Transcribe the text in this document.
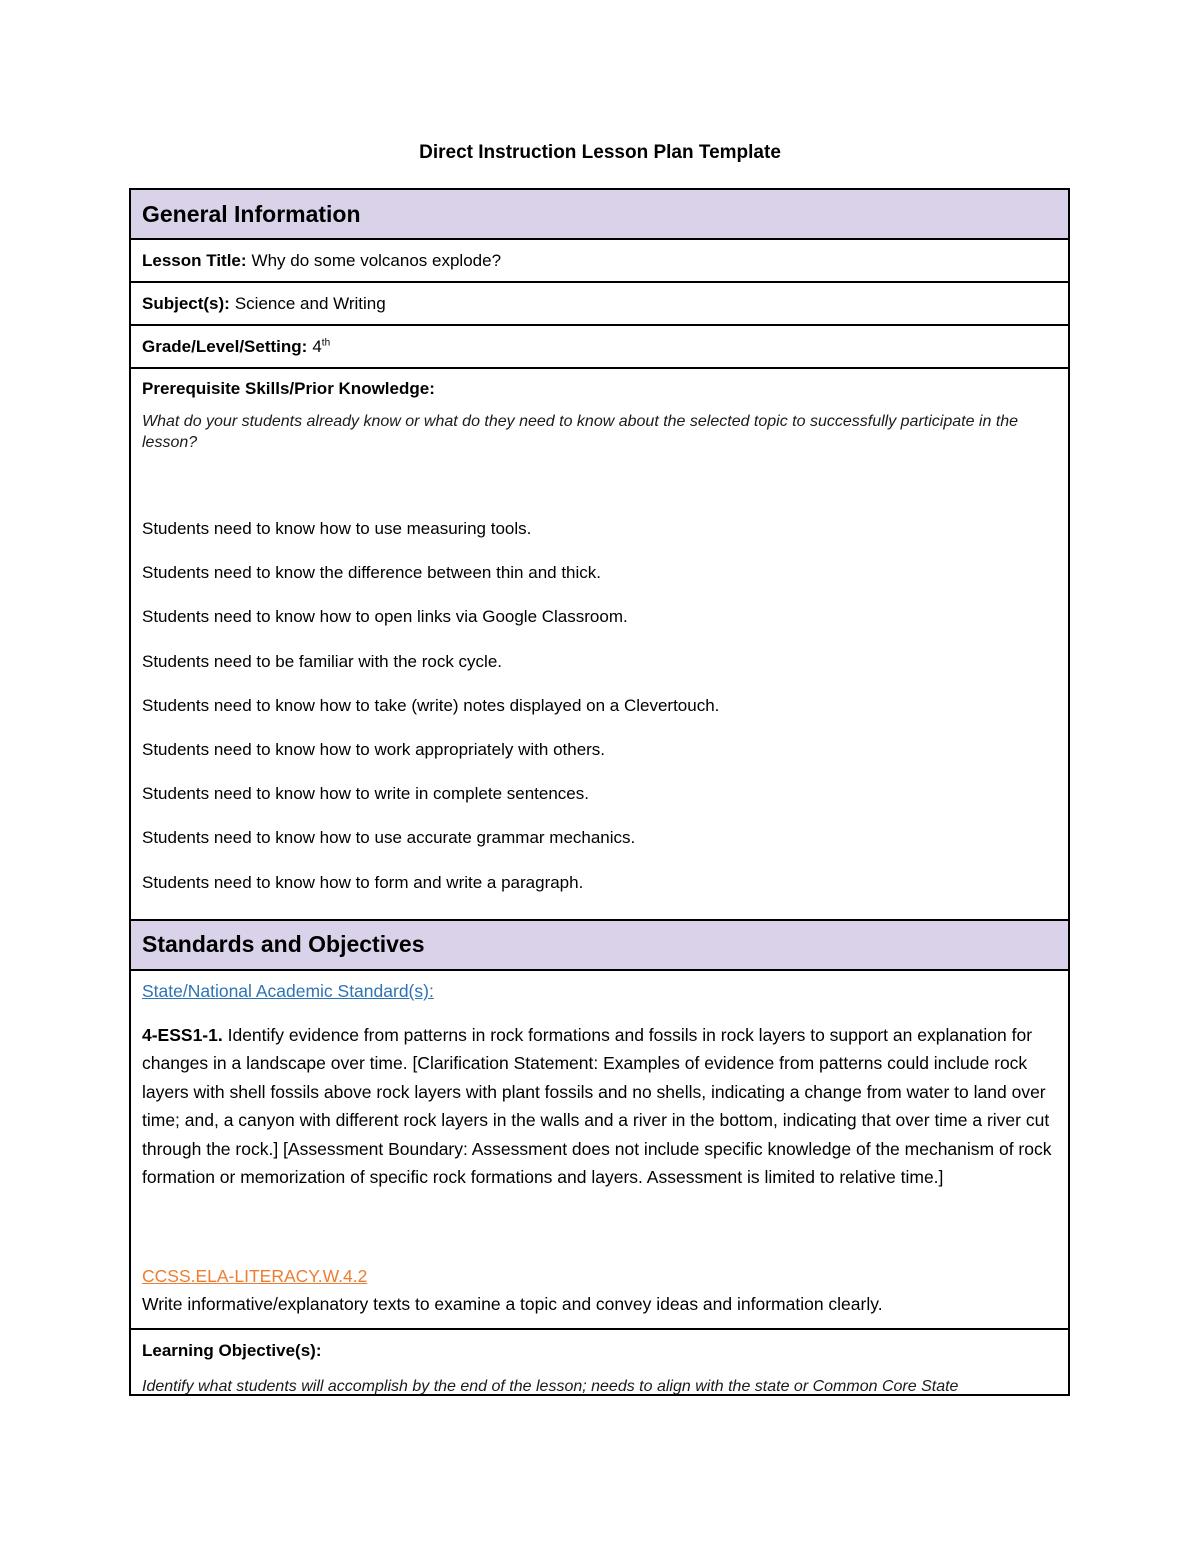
Direct Instruction Lesson Plan Template
General Information
Lesson Title: Why do some volcanos explode?
Subject(s): Science and Writing
Grade/Level/Setting: 4th
Prerequisite Skills/Prior Knowledge:
What do your students already know or what do they need to know about the selected topic to successfully participate in the lesson?
Students need to know how to use measuring tools.
Students need to know the difference between thin and thick.
Students need to know how to open links via Google Classroom.
Students need to be familiar with the rock cycle.
Students need to know how to take (write) notes displayed on a Clevertouch.
Students need to know how to work appropriately with others.
Students need to know how to write in complete sentences.
Students need to know how to use accurate grammar mechanics.
Students need to know how to form and write a paragraph.
Standards and Objectives
State/National Academic Standard(s):
4-ESS1-1. Identify evidence from patterns in rock formations and fossils in rock layers to support an explanation for changes in a landscape over time. [Clarification Statement: Examples of evidence from patterns could include rock layers with shell fossils above rock layers with plant fossils and no shells, indicating a change from water to land over time; and, a canyon with different rock layers in the walls and a river in the bottom, indicating that over time a river cut through the rock.] [Assessment Boundary: Assessment does not include specific knowledge of the mechanism of rock formation or memorization of specific rock formations and layers. Assessment is limited to relative time.]
CCSS.ELA-LITERACY.W.4.2
Write informative/explanatory texts to examine a topic and convey ideas and information clearly.
Learning Objective(s):
Identify what students will accomplish by the end of the lesson; needs to align with the state or Common Core State
